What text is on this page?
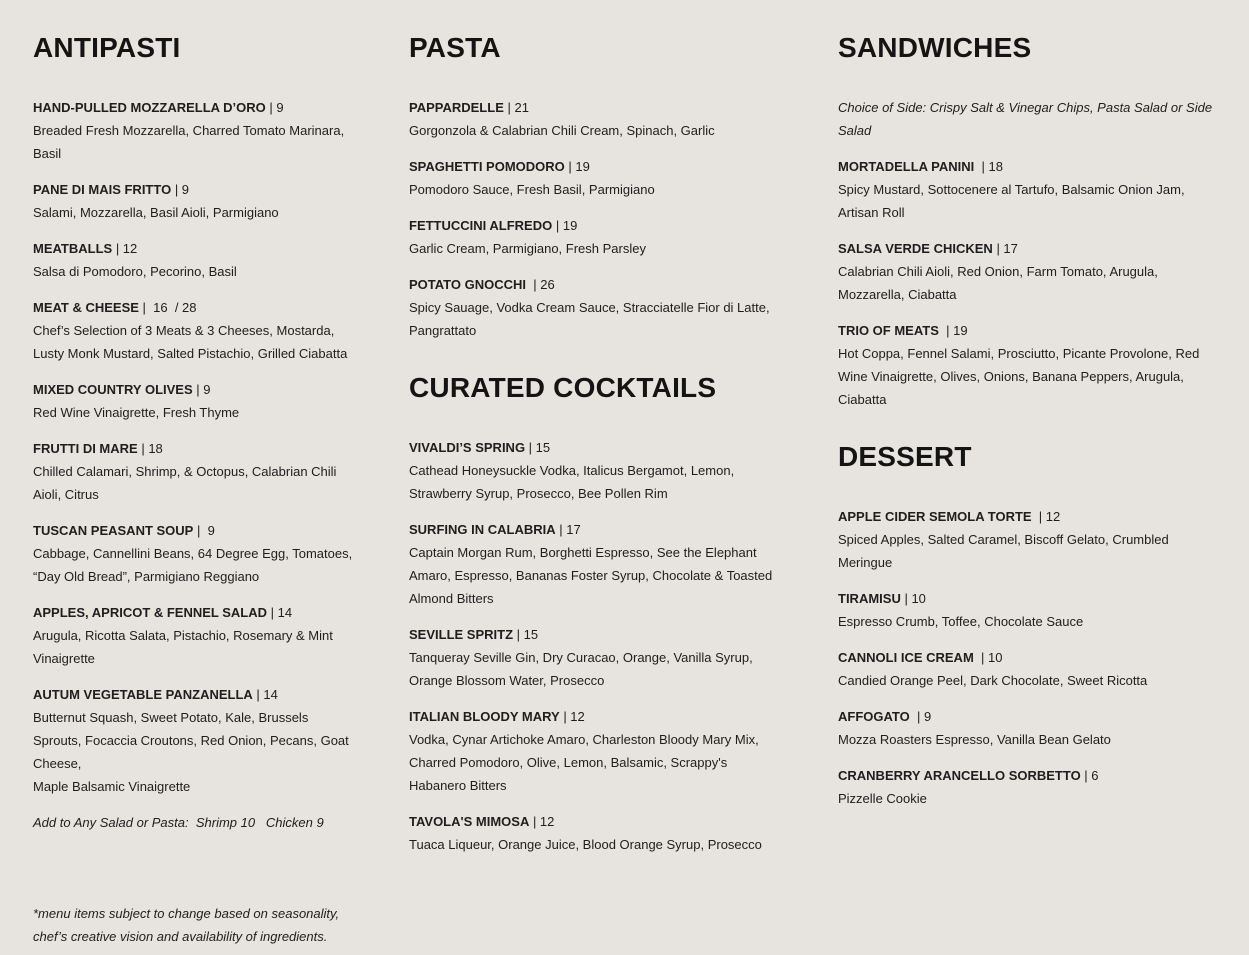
ANTIPASTI
HAND-PULLED MOZZARELLA D’ORO | 9
Breaded Fresh Mozzarella, Charred Tomato Marinara, Basil
PANE DI MAIS FRITTO | 9
Salami, Mozzarella, Basil Aioli, Parmigiano
MEATBALLS | 12
Salsa di Pomodoro, Pecorino, Basil
MEAT & CHEESE |  16  / 28
Chef’s Selection of 3 Meats & 3 Cheeses, Mostarda, Lusty Monk Mustard, Salted Pistachio, Grilled Ciabatta
MIXED COUNTRY OLIVES | 9
Red Wine Vinaigrette, Fresh Thyme
FRUTTI DI MARE | 18
Chilled Calamari, Shrimp, & Octopus, Calabrian Chili Aioli, Citrus
TUSCAN PEASANT SOUP |  9
Cabbage, Cannellini Beans, 64 Degree Egg, Tomatoes, “Day Old Bread”, Parmigiano Reggiano
APPLES, APRICOT & FENNEL SALAD | 14
Arugula, Ricotta Salata, Pistachio, Rosemary & Mint Vinaigrette
AUTUM VEGETABLE PANZANELLA | 14
Butternut Squash, Sweet Potato, Kale, Brussels Sprouts, Focaccia Croutons, Red Onion, Pecans, Goat Cheese,
Maple Balsamic Vinaigrette
Add to Any Salad or Pasta:  Shrimp 10   Chicken 9
*menu items subject to change based on seasonality, chef’s creative vision and availability of ingredients.
PASTA
PAPPARDELLE | 21
Gorgonzola & Calabrian Chili Cream, Spinach, Garlic
SPAGHETTI POMODORO | 19
Pomodoro Sauce, Fresh Basil, Parmigiano
FETTUCCINI ALFREDO | 19
Garlic Cream, Parmigiano, Fresh Parsley
POTATO GNOCCHI  | 26
Spicy Sauage, Vodka Cream Sauce, Stracciatelle Fior di Latte, Pangrattato
CURATED COCKTAILS
VIVALDI’S SPRING | 15
Cathead Honeysuckle Vodka, Italicus Bergamot, Lemon, Strawberry Syrup, Prosecco, Bee Pollen Rim
SURFING IN CALABRIA | 17
Captain Morgan Rum, Borghetti Espresso, See the Elephant Amaro, Espresso, Bananas Foster Syrup, Chocolate & Toasted Almond Bitters
SEVILLE SPRITZ | 15
Tanqueray Seville Gin, Dry Curacao, Orange, Vanilla Syrup, Orange Blossom Water, Prosecco
ITALIAN BLOODY MARY | 12
Vodka, Cynar Artichoke Amaro, Charleston Bloody Mary Mix, Charred Pomodoro, Olive, Lemon, Balsamic, Scrappy's Habanero Bitters
TAVOLA'S MIMOSA | 12
Tuaca Liqueur, Orange Juice, Blood Orange Syrup, Prosecco
SANDWICHES
Choice of Side: Crispy Salt & Vinegar Chips, Pasta Salad or Side Salad
MORTADELLA PANINI  | 18
Spicy Mustard, Sottocenere al Tartufo, Balsamic Onion Jam, Artisan Roll
SALSA VERDE CHICKEN | 17
Calabrian Chili Aioli, Red Onion, Farm Tomato, Arugula, Mozzarella, Ciabatta
TRIO OF MEATS  | 19
Hot Coppa, Fennel Salami, Prosciutto, Picante Provolone, Red Wine Vinaigrette, Olives, Onions, Banana Peppers, Arugula, Ciabatta
DESSERT
APPLE CIDER SEMOLA TORTE  | 12
Spiced Apples, Salted Caramel, Biscoff Gelato, Crumbled Meringue
TIRAMISU | 10
Espresso Crumb, Toffee, Chocolate Sauce
CANNOLI ICE CREAM  | 10
Candied Orange Peel, Dark Chocolate, Sweet Ricotta
AFFOGATO  | 9
Mozza Roasters Espresso, Vanilla Bean Gelato
CRANBERRY ARANCELLO SORBETTO | 6
Pizzelle Cookie
